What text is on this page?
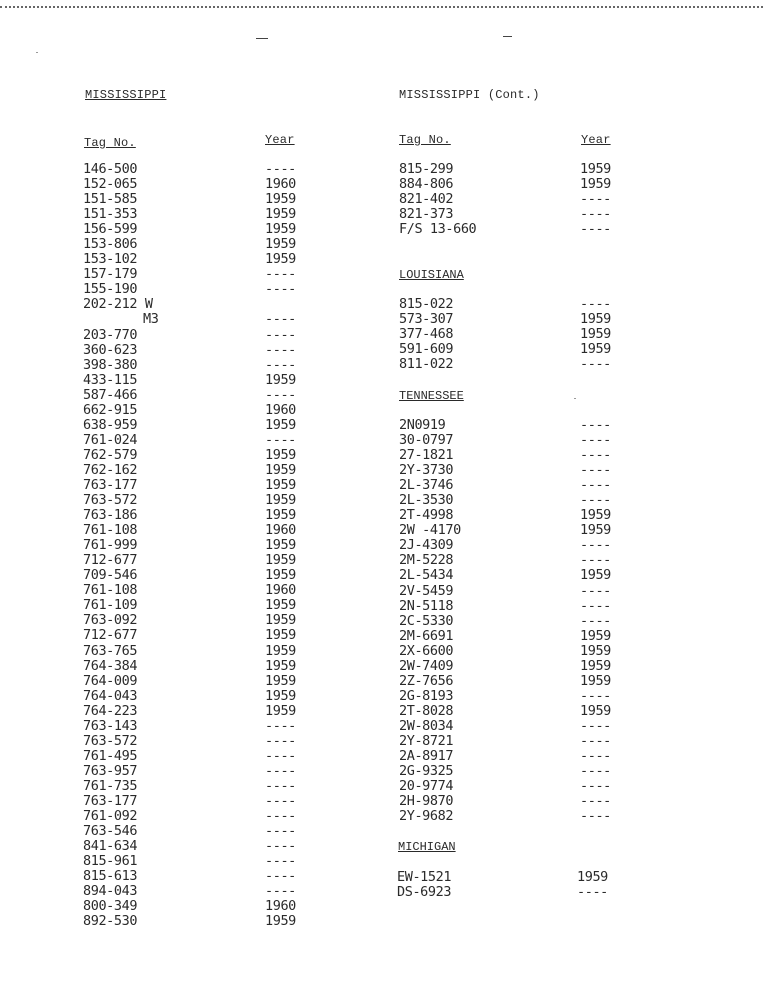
MISSISSIPPI
Tag No.	Year
146-500
152-065
151-585
151-353
156-599
153-806
153-102
157-179
155-190
202-212 W
M3
203-770
360-623
398-380
433-115
587-466
662-915
638-959
761-024
762-579
762-162
763-177
763-572
763-186
761-108
761-999
712-677
709-546
761-108
761-109
763-092
712-677
763-765
764-384
764-009
764-043
764-223
763-143
763-572
761-495
763-957
761-735
763-177
761-092
763-546
841-634
815-961
815-613
894-043
800-349
892-530
----
1960
1959
1959
1959
1959
1959
----
----
----
----
----
----
1959
----
1960
1959
----
1959
1959
1959
1959
1959
1960
1959
1959
1959
1960
1959
1959
1959
1959
1959
1959
1959
1959
----
----
----
----
----
----
----
----
----
----
----
----
1960
1959
MISSISSIPPI (Cont.)
Tag No.	Year
815-299
884-806
821-402
821-373
F/S 13-660
1959
1959
----
----
----
LOUISIANA
815-022
573-307
377-468
591-609
811-022
----
1959
1959
1959
----
TENNESSEE
2N0919
30-0797
27-1821
2Y-3730
2L-3746
2L-3530
2T-4998
2W -4170
2J-4309
2M-5228
2L-5434
2V-5459
2N-5118
2C-5330
2M-6691
2X-6600
2W-7409
2Z-7656
2G-8193
2T-8028
2W-8034
2Y-8721
2A-8917
2G-9325
20-9774
2H-9870
2Y-9682
----
----
----
----
----
----
1959
1959
----
----
1959
----
----
----
1959
1959
1959
1959
----
1959
----
----
----
----
----
----
----
MICHIGAN
EW-1521
DS-6923
1959
----
